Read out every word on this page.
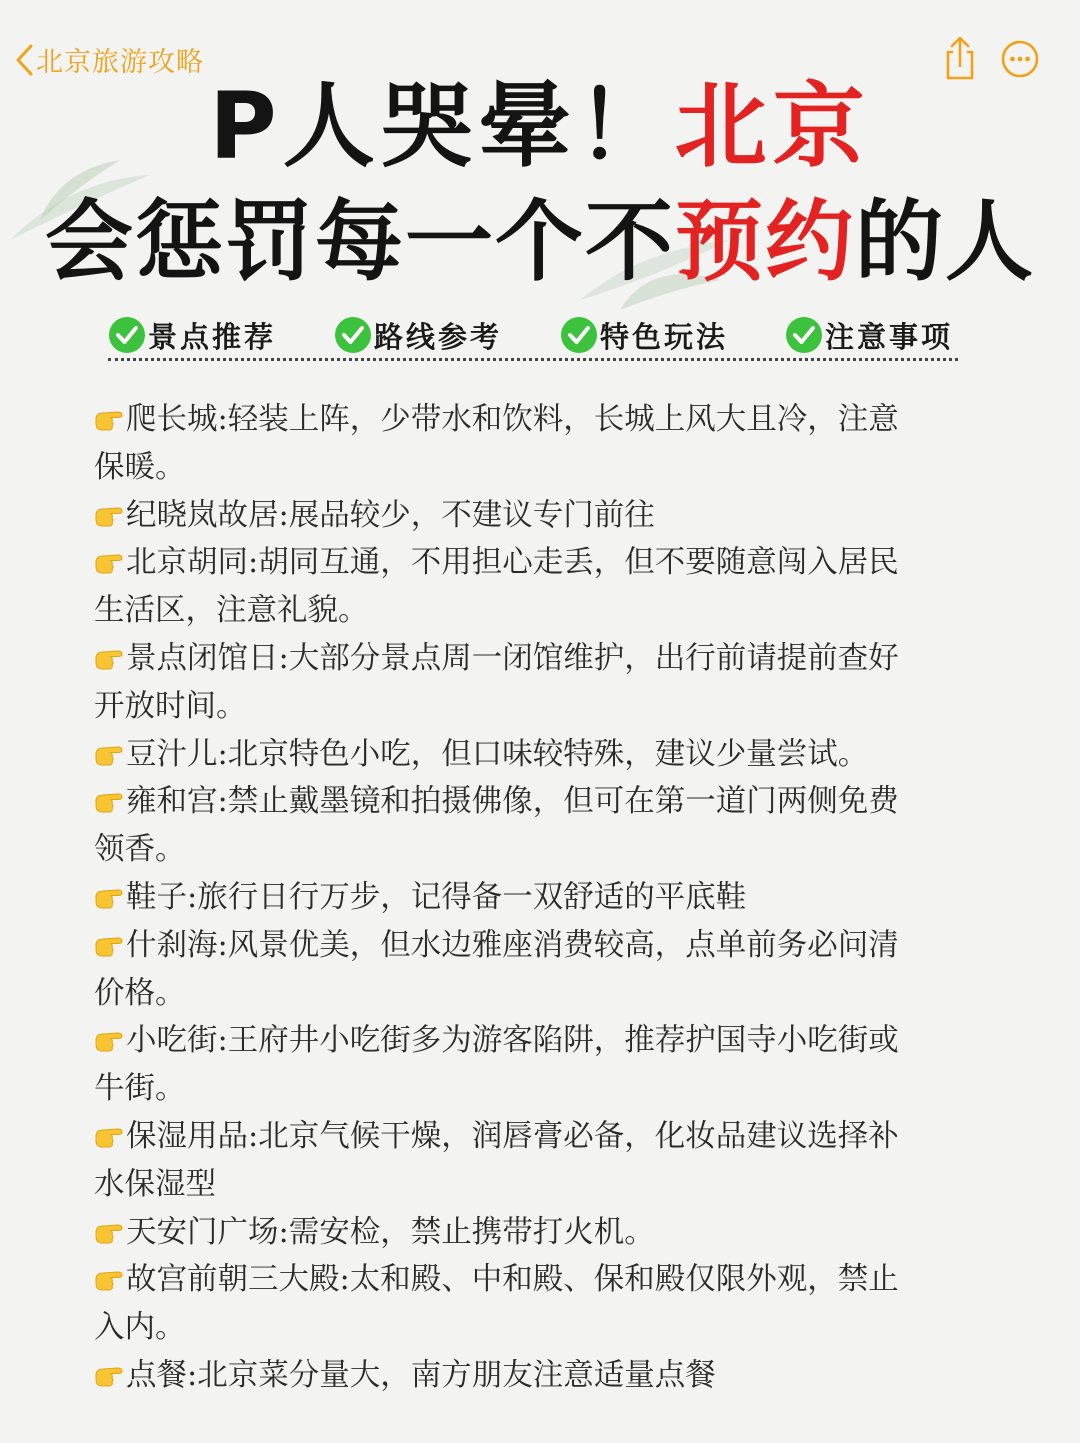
北京旅游攻略
P人哭晕！北京
会惩罚每一个不预约的人
景点推荐	路线参考	特色玩法	注意事项
爬长城:轻装上阵，少带水和饮料，长城上风大且冷，注意保暖。
纪晓岚故居:展品较少，不建议专门前往
北京胡同:胡同互通，不用担心走丢，但不要随意闯入居民生活区，注意礼貌。
景点闭馆日:大部分景点周一闭馆维护，出行前请提前查好开放时间。
豆汁儿:北京特色小吃，但口味较特殊，建议少量尝试。
雍和宫:禁止戴墨镜和拍摄佛像，但可在第一道门两侧免费领香。
鞋子:旅行日行万步，记得备一双舒适的平底鞋
什刹海:风景优美，但水边雅座消费较高，点单前务必问清价格。
小吃街:王府井小吃街多为游客陷阱，推荐护国寺小吃街或牛街。
保湿用品:北京气候干燥，润唇膏必备，化妆品建议选择补水保湿型
天安门广场:需安检，禁止携带打火机。
故宫前朝三大殿:太和殿、中和殿、保和殿仅限外观，禁止入内。
点餐:北京菜分量大，南方朋友注意适量点餐
